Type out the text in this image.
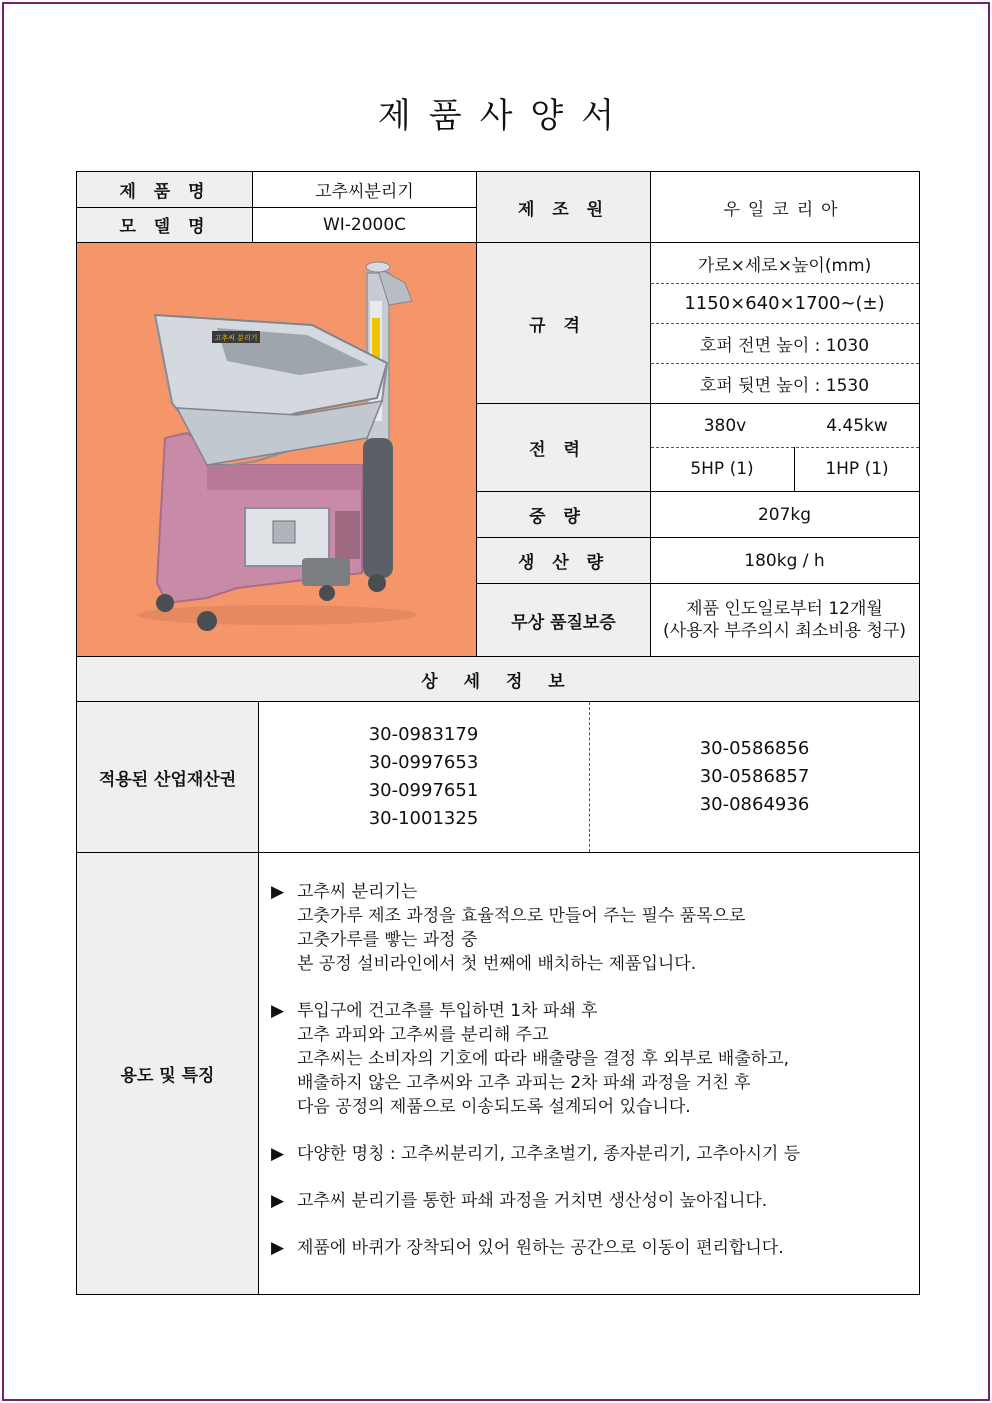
제품사양서
제 품 명
모 델 명
제 조 원
규격
전력
중량
생 산 량
무상 품질보증
상 세 정 보
적용된 산업재산권
용도 및 특징
고추씨분리기
WI-2000C
우일코리아
가로×세로×높이(mm)
1150×640×1700~(±)
호퍼 전면 높이 : 1030
호퍼 뒷면 높이 : 1530
380v	4.45kw
5HP (1)	1HP (1)
207kg
180kg / h
제품 인도일로부터 12개월
(사용자 부주의시 최소비용 청구)
30-0983179
30-0997653
30-0997651
30-1001325
30-0586856
30-0586857
30-0864936
▶ 고추씨 분리기는
고춧가루 제조 과정을 효율적으로 만들어 주는 필수 품목으로
고춧가루를 빻는 과정 중
본 공정 설비라인에서 첫 번째에 배치하는 제품입니다.
▶ 투입구에 건고추를 투입하면 1차 파쇄 후
고추 과피와 고추씨를 분리해 주고
고추씨는 소비자의 기호에 따라 배출량을 결정 후 외부로 배출하고,
배출하지 않은 고추씨와 고추 과피는 2차 파쇄 과정을 거친 후
다음 공정의 제품으로 이송되도록 설계되어 있습니다.
▶ 다양한 명칭 : 고추씨분리기, 고추초벌기, 종자분리기, 고추아시기 등
▶ 고추씨 분리기를 통한 파쇄 과정을 거치면 생산성이 높아집니다.
▶ 제품에 바퀴가 장착되어 있어 원하는 공간으로 이동이 편리합니다.
고추씨 분리기
